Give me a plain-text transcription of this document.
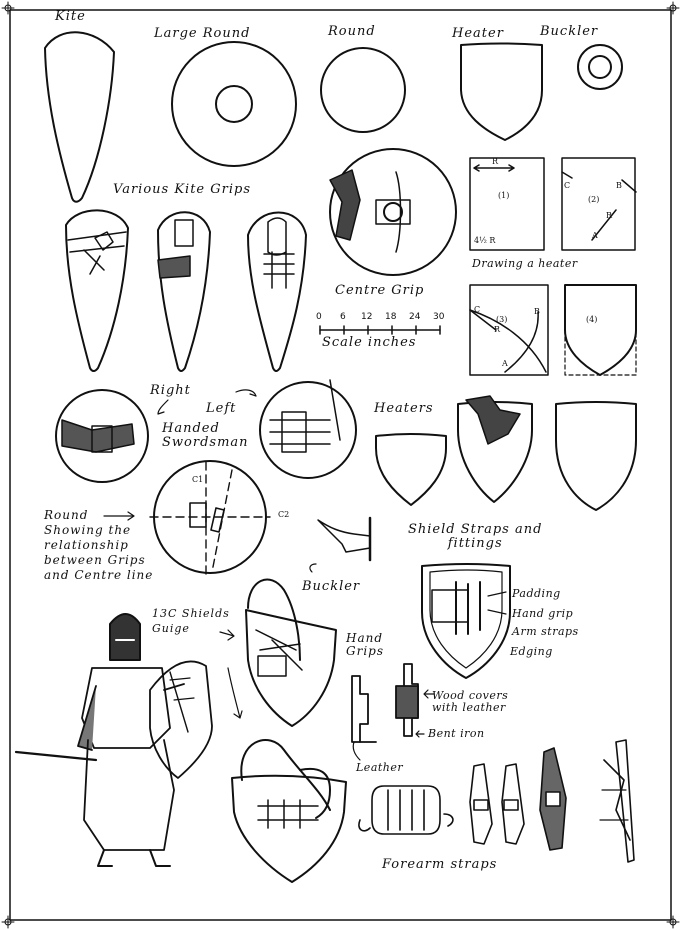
Kite
Large Round	Round	Heater	Buckler
Various Kite Grips
Centre Grip
0 6 12 18 24 30
Scale inches
Drawing a heater
(1)	(2)
(3)	(4)
R
4½ R
R
C	B
A
R
C	B
A
Right
Left
Handed
Swordsman
Heaters
Round
Showing the
relationship
between Grips
and Centre line
C1
C2
Buckler
Shield Straps and
fittings
Padding
Hand grip
Arm straps
Edging
13C Shields
Guige
Hand
Grips
Wood covers
with leather
Bent iron
Leather
Forearm straps
